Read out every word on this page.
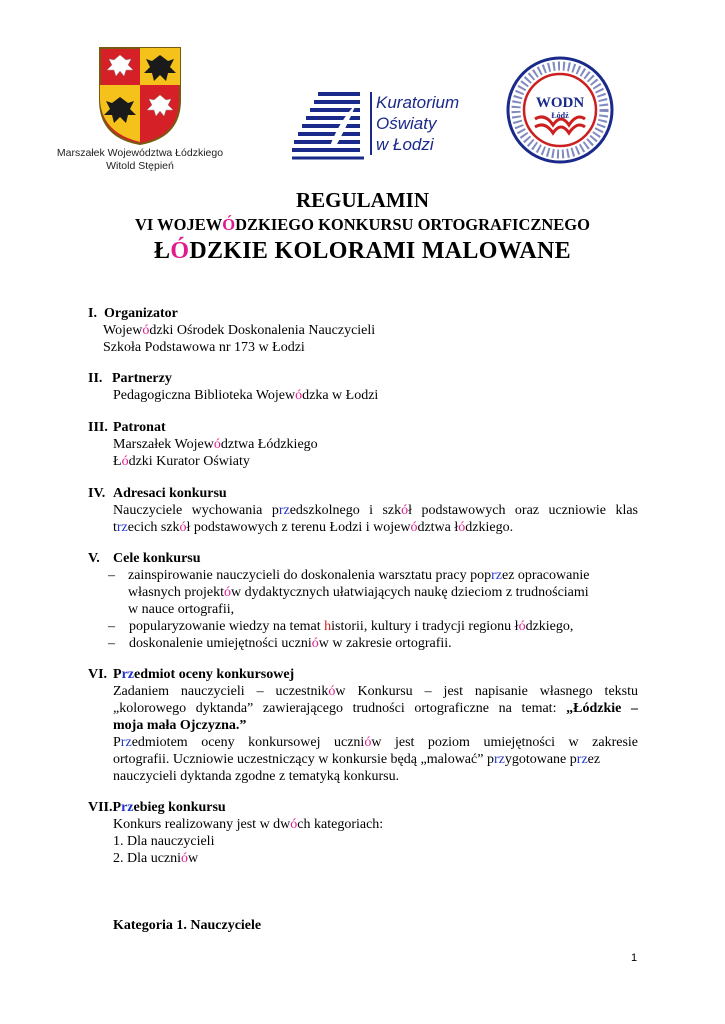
Marszałek Województwa Łódzkiego
Witold Stępień
Kuratorium
Oświaty
w Łodzi
WODN
Łódź
REGULAMIN
VI WOJEWÓDZKIEGO KONKURSU ORTOGRAFICZNEGO
ŁÓDZKIE KOLORAMI MALOWANE
I. Organizator
Wojewódzki Ośrodek Doskonalenia Nauczycieli
Szkoła Podstawowa nr 173 w Łodzi
II. Partnerzy
Pedagogiczna Biblioteka Wojewódzka w Łodzi
III. Patronat
Marszałek Województwa Łódzkiego
Łódzki Kurator Oświaty
IV. Adresaci konkursu
Nauczyciele wychowania przedszkolnego i szkół podstawowych oraz uczniowie klas
trzecich szkół podstawowych z terenu Łodzi i województwa łódzkiego.
V. Cele konkursu
– zainspirowanie nauczycieli do doskonalenia warsztatu pracy poprzez opracowanie
własnych projektów dydaktycznych ułatwiających naukę dzieciom z trudnościami
w nauce ortografii,
– popularyzowanie wiedzy na temat historii, kultury i tradycji regionu łódzkiego,
– doskonalenie umiejętności uczniów w zakresie ortografii.
VI. Przedmiot oceny konkursowej
Zadaniem nauczycieli – uczestników Konkursu – jest napisanie własnego tekstu
„kolorowego dyktanda” zawierającego trudności ortograficzne na temat: „Łódzkie –
moja mała Ojczyzna.”
Przedmiotem oceny konkursowej uczniów jest poziom umiejętności w zakresie
ortografii. Uczniowie uczestniczący w konkursie będą „malować” przygotowane przez
nauczycieli dyktanda zgodne z tematyką konkursu.
VII.Przebieg konkursu
Konkurs realizowany jest w dwóch kategoriach:
1. Dla nauczycieli
2. Dla uczniów
Kategoria 1. Nauczyciele
1
